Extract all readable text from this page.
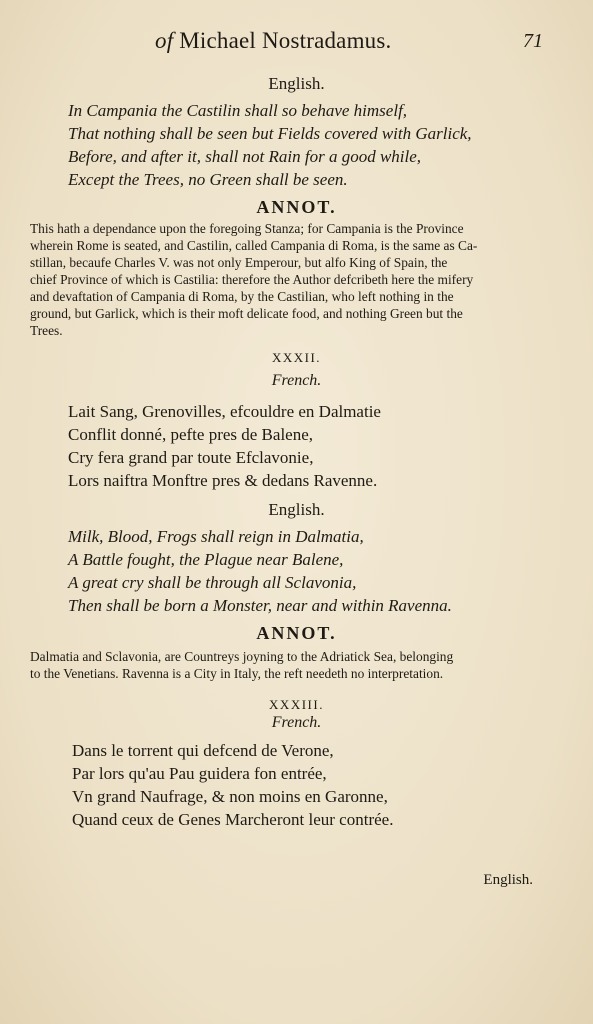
of Michael Nostradamus.	71
English.
In Campania the Castilin shall so behave himself,
That nothing shall be seen but Fields covered with Garlick,
Before, and after it, shall not Rain for a good while,
Except the Trees, no Green shall be seen.
ANNOT.
This hath a dependance upon the foregoing Stanza; for Campania is the Province
wherein Rome is seated, and Castilin, called Campania di Roma, is the same as Ca-
stillan, becaufe Charles V. was not only Emperour, but alfo King of Spain, the
chief Province of which is Castilia: therefore the Author defcribeth here the mifery
and devaftation of Campania di Roma, by the Castilian, who left nothing in the
ground, but Garlick, which is their moft delicate food, and nothing Green but the
Trees.
XXXII.
French.
Lait Sang, Grenovilles, efcouldre en Dalmatie
Conflit donné, pefte pres de Balene,
Cry fera grand par toute Efclavonie,
Lors naiftra Monftre pres & dedans Ravenne.
English.
Milk, Blood, Frogs shall reign in Dalmatia,
A Battle fought, the Plague near Balene,
A great cry shall be through all Sclavonia,
Then shall be born a Monster, near and within Ravenna.
ANNOT.
Dalmatia and Sclavonia, are Countreys joyning to the Adriatick Sea, belonging
to the Venetians. Ravenna is a City in Italy, the reft needeth no interpretation.
XXXIII.
French.
Dans le torrent qui defcend de Verone,
Par lors qu'au Pau guidera fon entrée,
Vn grand Naufrage, & non moins en Garonne,
Quand ceux de Genes Marcheront leur contrée.
English.
